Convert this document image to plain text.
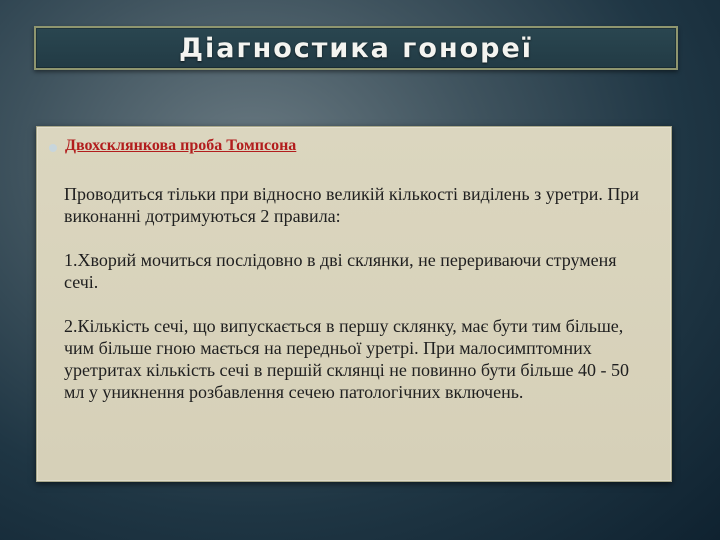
Діагностика гонореї
Двохсклянкова проба Томпсона

Проводиться тільки при відносно великій кількості виділень з уретри. При виконанні дотримуються 2 правила:

1.Хворий мочиться послідовно в дві склянки, не перериваючи струменя сечі.

2.Кількість сечі, що випускається в першу склянку, має бути тим більше, чим більше гною мається на передньої уретрі. При малосимптомних уретритах кількість сечі в першій склянці не повинно бути більше 40 - 50 мл у уникнення розбавлення сечею патологічних включень.
